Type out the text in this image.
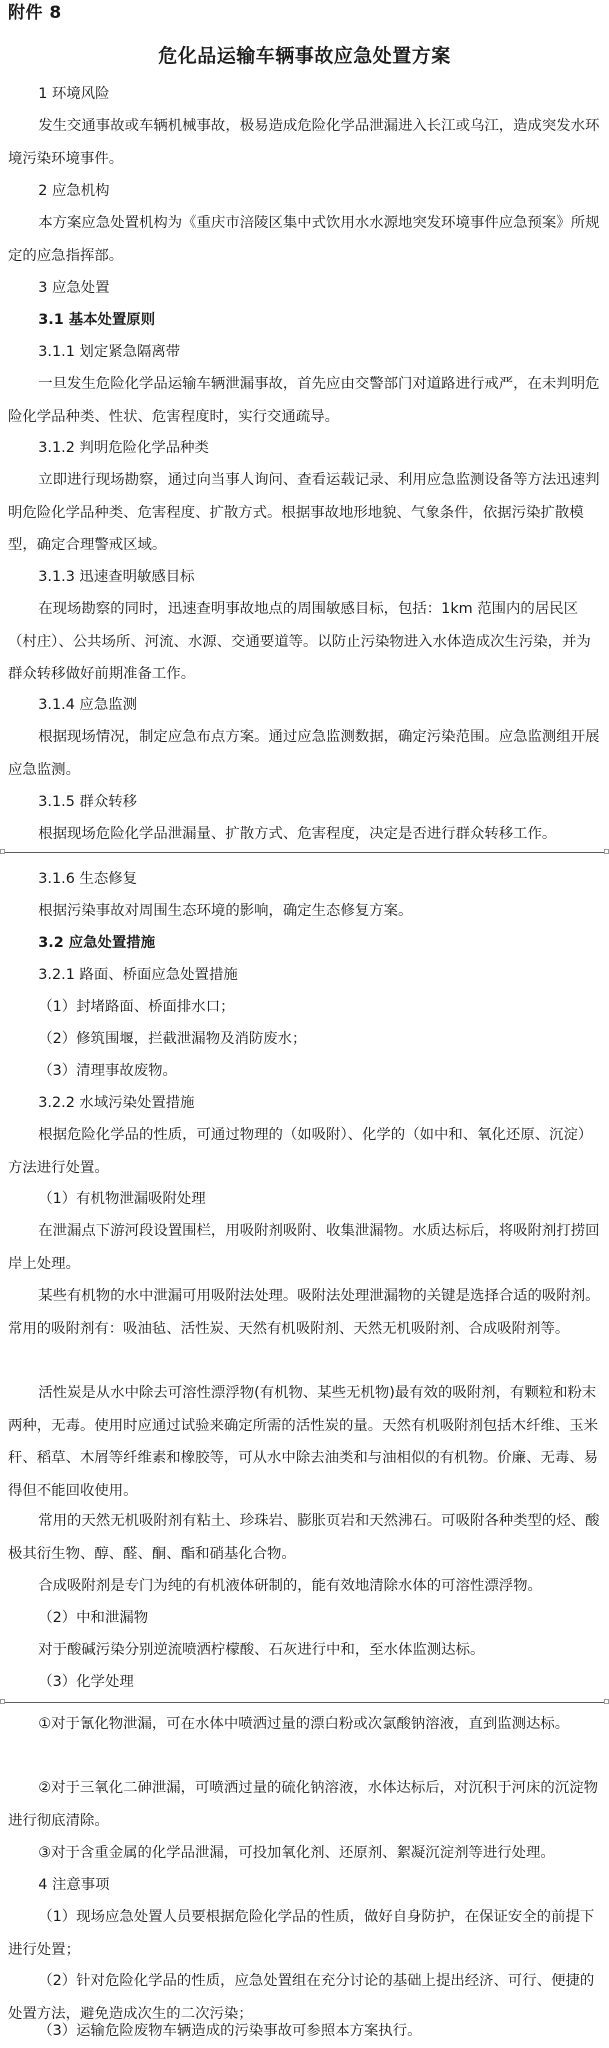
附件 8
危化品运输车辆事故应急处置方案

1 环境风险

发生交通事故或车辆机械事故，极易造成危险化学品泄漏进入长江或乌江，造成突发水环境污染环境事件。

2 应急机构

本方案应急处置机构为《重庆市涪陵区集中式饮用水水源地突发环境事件应急预案》所规定的应急指挥部。

3 应急处置

3.1 基本处置原则

3.1.1 划定紧急隔离带

一旦发生危险化学品运输车辆泄漏事故，首先应由交警部门对道路进行戒严，在未判明危险化学品种类、性状、危害程度时，实行交通疏导。

3.1.2 判明危险化学品种类

立即进行现场勘察，通过向当事人询问、查看运载记录、利用应急监测设备等方法迅速判明危险化学品种类、危害程度、扩散方式。根据事故地形地貌、气象条件，依据污染扩散模型，确定合理警戒区域。

3.1.3 迅速查明敏感目标

在现场勘察的同时，迅速查明事故地点的周围敏感目标，包括：1km 范围内的居民区（村庄）、公共场所、河流、水源、交通要道等。以防止污染物进入水体造成次生污染，并为群众转移做好前期准备工作。

3.1.4 应急监测

根据现场情况，制定应急布点方案。通过应急监测数据，确定污染范围。应急监测组开展应急监测。

3.1.5 群众转移

根据现场危险化学品泄漏量、扩散方式、危害程度，决定是否进行群众转移工作。

3.1.6 生态修复

根据污染事故对周围生态环境的影响，确定生态修复方案。

3.2 应急处置措施

3.2.1 路面、桥面应急处置措施

（1）封堵路面、桥面排水口；

（2）修筑围堰，拦截泄漏物及消防废水；

（3）清理事故废物。

3.2.2 水域污染处置措施

根据危险化学品的性质，可通过物理的（如吸附）、化学的（如中和、氧化还原、沉淀）方法进行处置。

（1）有机物泄漏吸附处理

在泄漏点下游河段设置围栏，用吸附剂吸附、收集泄漏物。水质达标后，将吸附剂打捞回岸上处理。

某些有机物的水中泄漏可用吸附法处理。吸附法处理泄漏物的关键是选择合适的吸附剂。常用的吸附剂有：吸油毡、活性炭、天然有机吸附剂、天然无机吸附剂、合成吸附剂等。

活性炭是从水中除去可溶性漂浮物(有机物、某些无机物)最有效的吸附剂，有颗粒和粉末两种，无毒。使用时应通过试验来确定所需的活性炭的量。天然有机吸附剂包括木纤维、玉米秆、稻草、木屑等纤维素和橡胶等，可从水中除去油类和与油相似的有机物。价廉、无毒、易得但不能回收使用。

常用的天然无机吸附剂有粘土、珍珠岩、膨胀页岩和天然沸石。可吸附各种类型的烃、酸极其衍生物、醇、醛、酮、酯和硝基化合物。

合成吸附剂是专门为纯的有机液体研制的，能有效地清除水体的可溶性漂浮物。

（2）中和泄漏物

对于酸碱污染分别逆流喷洒柠檬酸、石灰进行中和，至水体监测达标。

（3）化学处理

①对于氰化物泄漏，可在水体中喷洒过量的漂白粉或次氯酸钠溶液，直到监测达标。

②对于三氧化二砷泄漏，可喷洒过量的硫化钠溶液，水体达标后，对沉积于河床的沉淀物进行彻底清除。

③对于含重金属的化学品泄漏，可投加氧化剂、还原剂、絮凝沉淀剂等进行处理。

4 注意事项

（1）现场应急处置人员要根据危险化学品的性质，做好自身防护，在保证安全的前提下进行处置；

（2）针对危险化学品的性质，应急处置组在充分讨论的基础上提出经济、可行、便捷的处置方法，避免造成次生的二次污染；

（3）运输危险废物车辆造成的污染事故可参照本方案执行。
